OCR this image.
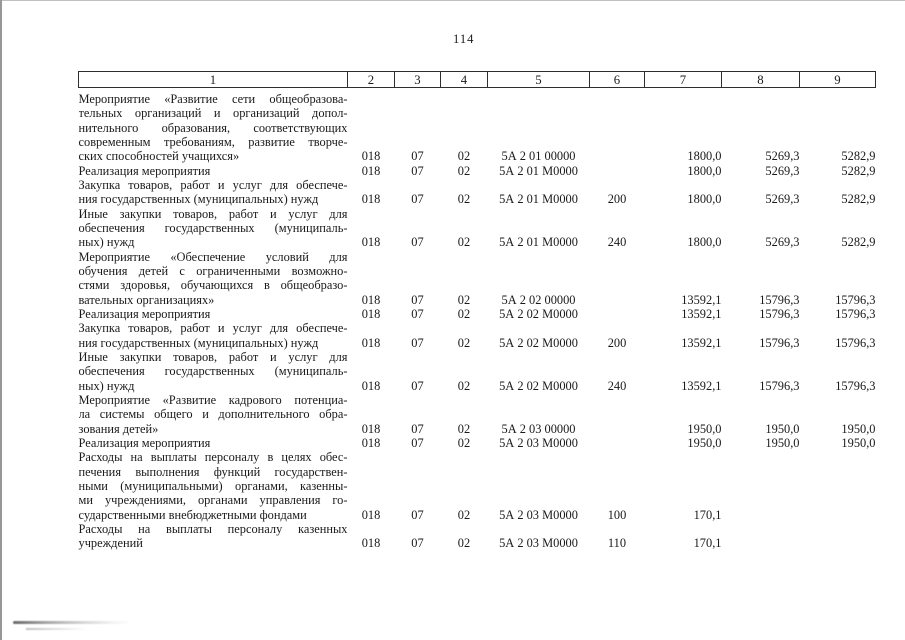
114
1	2	3	4	5	6	7	8	9

Мероприятие «Развитие сети общеобразова-
тельных организаций и организаций допол-
нительного образования, соответствующих
современным требованиям, развитие творче-
ских способностей учащихся»	018	07	02	5А 2 01 00000		1800,0	5269,3	5282,9

Реализация мероприятия	018	07	02	5А 2 01 М0000		1800,0	5269,3	5282,9

Закупка товаров, работ и услуг для обеспече-
ния государственных (муниципальных) нужд	018	07	02	5А 2 01 М0000	200	1800,0	5269,3	5282,9

Иные закупки товаров, работ и услуг для
обеспечения государственных (муниципаль-
ных) нужд	018	07	02	5А 2 01 М0000	240	1800,0	5269,3	5282,9

Мероприятие «Обеспечение условий для
обучения детей с ограниченными возможно-
стями здоровья, обучающихся в общеобразо-
вательных организациях»	018	07	02	5А 2 02 00000		13592,1	15796,3	15796,3

Реализация мероприятия	018	07	02	5А 2 02 М0000		13592,1	15796,3	15796,3

Закупка товаров, работ и услуг для обеспече-
ния государственных (муниципальных) нужд	018	07	02	5А 2 02 М0000	200	13592,1	15796,3	15796,3

Иные закупки товаров, работ и услуг для
обеспечения государственных (муниципаль-
ных) нужд	018	07	02	5А 2 02 М0000	240	13592,1	15796,3	15796,3

Мероприятие «Развитие кадрового потенциа-
ла системы общего и дополнительного обра-
зования детей»	018	07	02	5А 2 03 00000		1950,0	1950,0	1950,0

Реализация мероприятия	018	07	02	5А 2 03 М0000		1950,0	1950,0	1950,0

Расходы на выплаты персоналу в целях обес-
печения выполнения функций государствен-
ными (муниципальными) органами, казенны-
ми учреждениями, органами управления го-
сударственными внебюджетными фондами	018	07	02	5А 2 03 М0000	100	170,1		

Расходы на выплаты персоналу казенных
учреждений	018	07	02	5А 2 03 М0000	110	170,1		
